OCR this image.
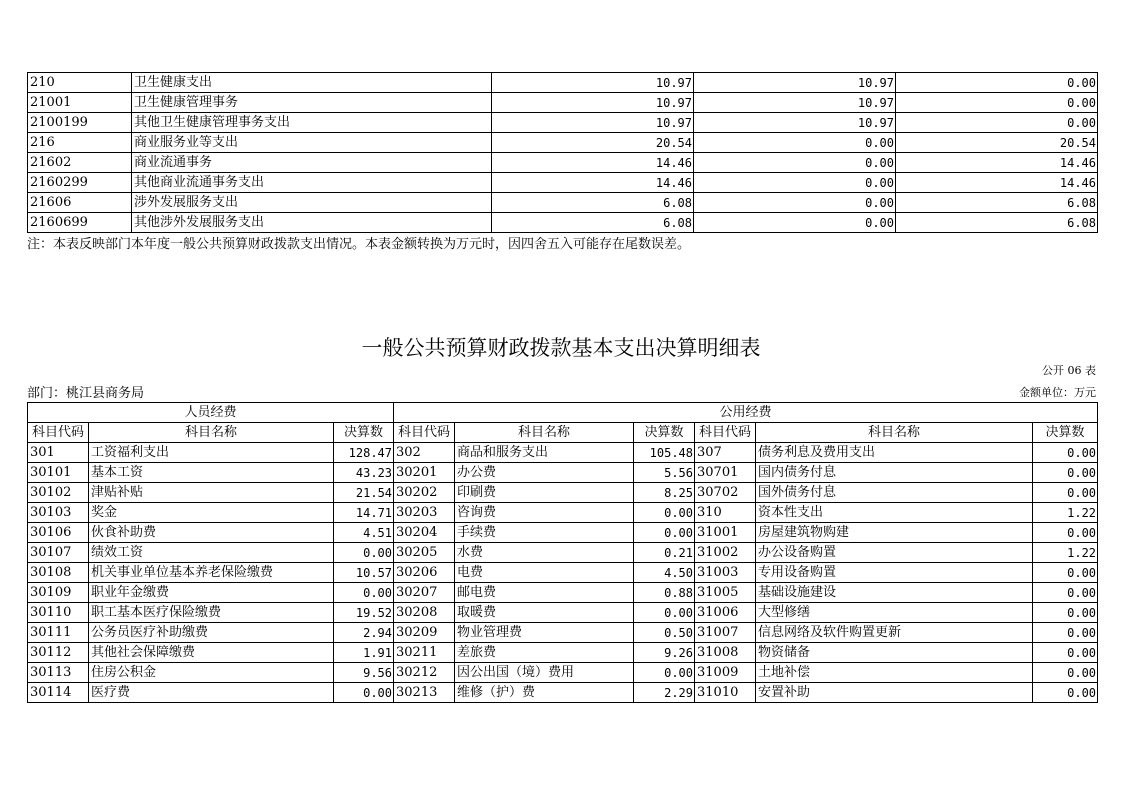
210	卫生健康支出	10.97	10.97	0.00
21001	卫生健康管理事务	10.97	10.97	0.00
2100199	其他卫生健康管理事务支出	10.97	10.97	0.00
216	商业服务业等支出	20.54	0.00	20.54
21602	商业流通事务	14.46	0.00	14.46
2160299	其他商业流通事务支出	14.46	0.00	14.46
21606	涉外发展服务支出	6.08	0.00	6.08
2160699	其他涉外发展服务支出	6.08	0.00	6.08
注：本表反映部门本年度一般公共预算财政拨款支出情况。本表金额转换为万元时，因四舍五入可能存在尾数误差。
一般公共预算财政拨款基本支出决算明细表
公开 06 表
部门：桃江县商务局	金额单位：万元
人员经费			公用经费					
科目代码	科目名称	决算数	科目代码	科目名称	决算数	科目代码	科目名称	决算数
301	工资福利支出	128.47	302	商品和服务支出	105.48	307	债务利息及费用支出	0.00
30101	基本工资	43.23	30201	办公费	5.56	30701	国内债务付息	0.00
30102	津贴补贴	21.54	30202	印刷费	8.25	30702	国外债务付息	0.00
30103	奖金	14.71	30203	咨询费	0.00	310	资本性支出	1.22
30106	伙食补助费	4.51	30204	手续费	0.00	31001	房屋建筑物购建	0.00
30107	绩效工资	0.00	30205	水费	0.21	31002	办公设备购置	1.22
30108	机关事业单位基本养老保险缴费	10.57	30206	电费	4.50	31003	专用设备购置	0.00
30109	职业年金缴费	0.00	30207	邮电费	0.88	31005	基础设施建设	0.00
30110	职工基本医疗保险缴费	19.52	30208	取暖费	0.00	31006	大型修缮	0.00
30111	公务员医疗补助缴费	2.94	30209	物业管理费	0.50	31007	信息网络及软件购置更新	0.00
30112	其他社会保障缴费	1.91	30211	差旅费	9.26	31008	物资储备	0.00
30113	住房公积金	9.56	30212	因公出国（境）费用	0.00	31009	土地补偿	0.00
30114	医疗费	0.00	30213	维修（护）费	2.29	31010	安置补助	0.00
